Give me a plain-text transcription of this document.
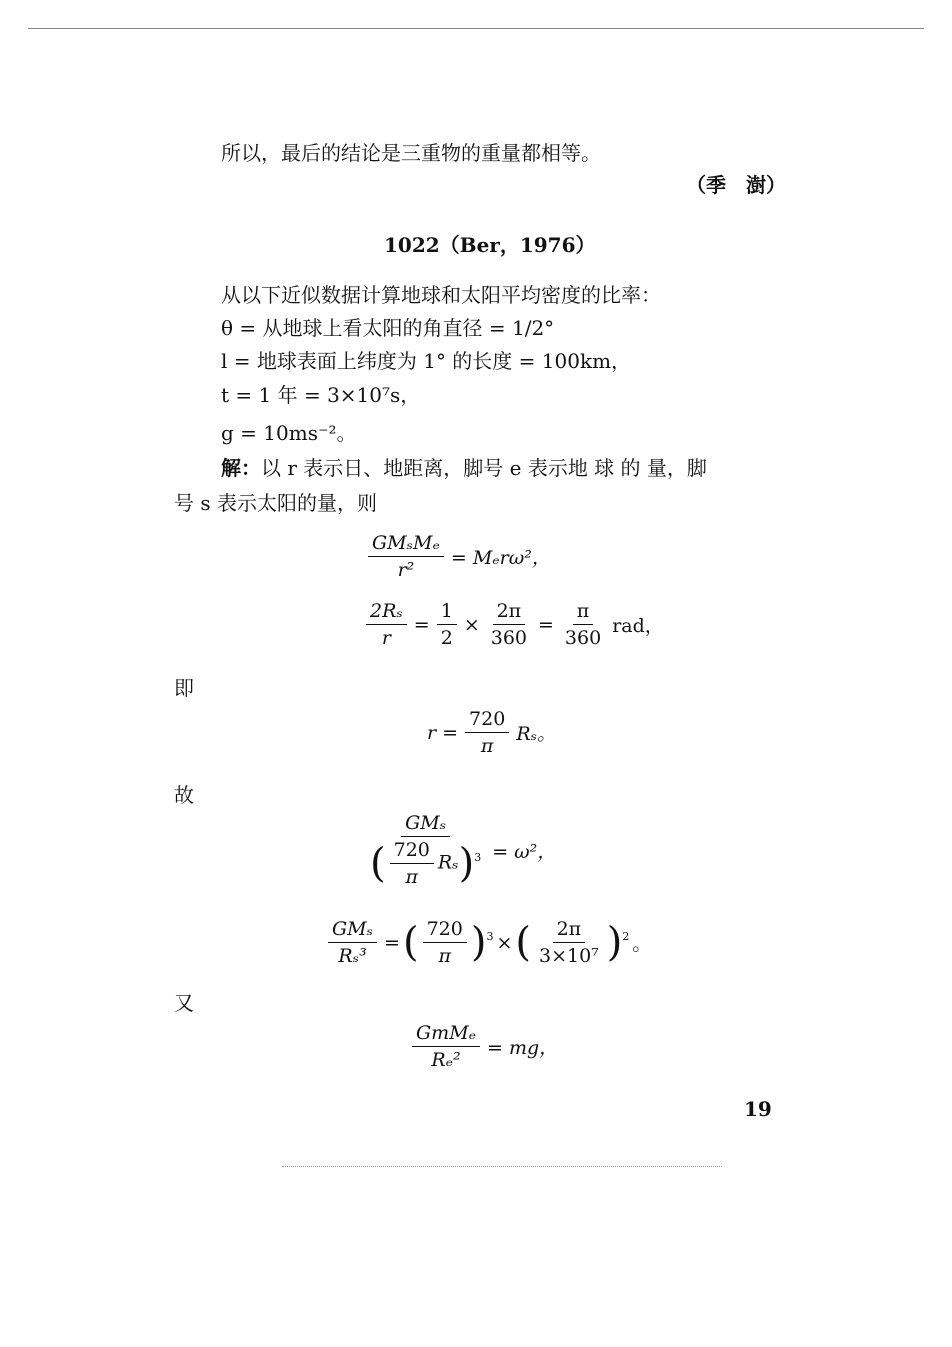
所以，最后的结论是三重物的重量都相等。
（季　澍）
1022（Ber，1976）
从以下近似数据计算地球和太阳平均密度的比率：
θ = 从地球上看太阳的角直径 = 1/2°
l = 地球表面上纬度为 1° 的长度 = 100km，
t = 1 年 = 3×10⁷s，
g = 10ms⁻²。
解：以 r 表示日、地距离，脚号 e 表示地 球 的 量，脚
号 s 表示太阳的量，则
$\frac{\text{GMₛMₑ}}{\text{r²}} = M_er\omega^2$，
$\frac{\text{2Rₛ}}{r} = \frac{1}{2} \times \frac{2\pi}{360} = \frac{\pi}{360}$ rad，
即
$r = \frac{720}{\pi}$ Rₛ。
故
$\frac{\text{GMₛ}}{( \frac{720}{\pi} R_s)^3} = \omega^2$，
$\frac{\text{GMₛ}}{\text{Rₛ³}}$ =( $\frac{720}{\pi} )^3$ ×( $\frac{2\pi}{\text{3×10⁷}} )^2$ 。
又
$\frac{\text{GmMₑ}}{\text{Rₑ²}}$ = mg，
19
